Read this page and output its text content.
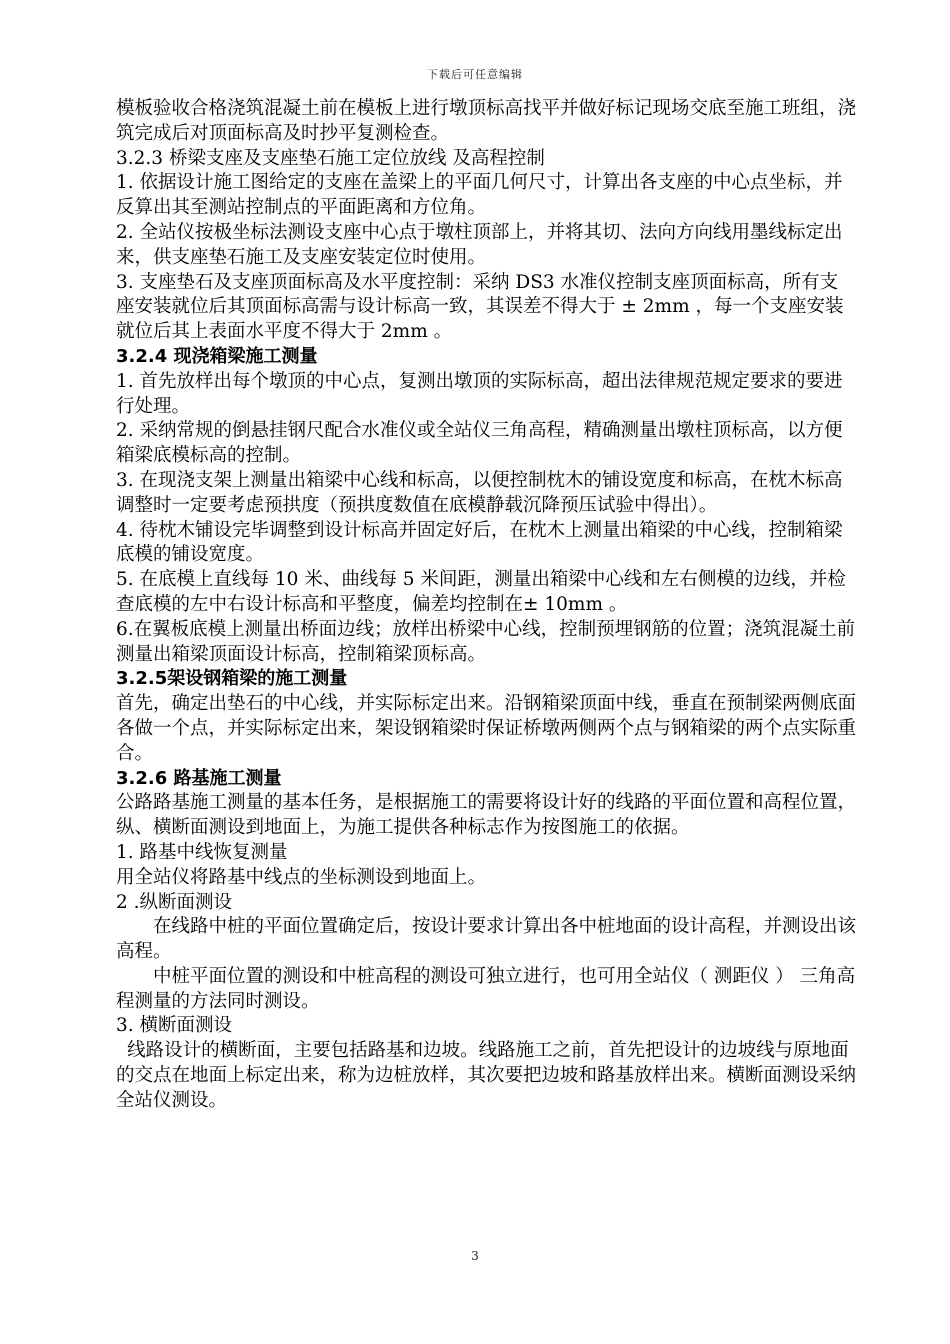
下载后可任意编辑

模板验收合格浇筑混凝土前在模板上进行墩顶标高找平并做好标记现场交底至施工班组，浇筑完成后对顶面标高及时抄平复测检查。

3.2.3 桥梁支座及支座垫石施工定位放线 及高程控制

1. 依据设计施工图给定的支座在盖梁上的平面几何尺寸，计算出各支座的中心点坐标，并反算出其至测站控制点的平面距离和方位角。

2. 全站仪按极坐标法测设支座中心点于墩柱顶部上，并将其切、法向方向线用墨线标定出来，供支座垫石施工及支座安装定位时使用。

3. 支座垫石及支座顶面标高及水平度控制：采纳 DS3 水准仪控制支座顶面标高，所有支座安装就位后其顶面标高需与设计标高一致，其误差不得大于 ± 2mm ，每一个支座安装就位后其上表面水平度不得大于 2mm 。

3.2.4 现浇箱梁施工测量

1. 首先放样出每个墩顶的中心点，复测出墩顶的实际标高，超出法律规范规定要求的要进行处理。

2. 采纳常规的倒悬挂钢尺配合水准仪或全站仪三角高程，精确测量出墩柱顶标高，以方便箱梁底模标高的控制。

3. 在现浇支架上测量出箱梁中心线和标高，以便控制枕木的铺设宽度和标高，在枕木标高调整时一定要考虑预拱度（预拱度数值在底模静载沉降预压试验中得出）。

4. 待枕木铺设完毕调整到设计标高并固定好后，在枕木上测量出箱梁的中心线，控制箱梁底模的铺设宽度。

5. 在底模上直线每 10 米、曲线每 5 米间距，测量出箱梁中心线和左右侧模的边线，并检查底模的左中右设计标高和平整度，偏差均控制在± 10mm 。

6.在翼板底模上测量出桥面边线；放样出桥梁中心线，控制预埋钢筋的位置；浇筑混凝土前测量出箱梁顶面设计标高，控制箱梁顶标高。

3.2.5架设钢箱梁的施工测量

首先，确定出垫石的中心线，并实际标定出来。沿钢箱梁顶面中线，垂直在预制梁两侧底面各做一个点，并实际标定出来，架设钢箱梁时保证桥墩两侧两个点与钢箱梁的两个点实际重合。

3.2.6 路基施工测量

公路路基施工测量的基本任务，是根据施工的需要将设计好的线路的平面位置和高程位置，纵、横断面测设到地面上，为施工提供各种标志作为按图施工的依据。

1. 路基中线恢复测量

用全站仪将路基中线点的坐标测设到地面上。

2 .纵断面测设

在线路中桩的平面位置确定后，按设计要求计算出各中桩地面的设计高程，并测设出该高程。

中桩平面位置的测设和中桩高程的测设可独立进行，也可用全站仪（ 测距仪 ） 三角高程测量的方法同时测设。

3. 横断面测设

线路设计的横断面，主要包括路基和边坡。线路施工之前，首先把设计的边坡线与原地面的交点在地面上标定出来，称为边桩放样，其次要把边坡和路基放样出来。横断面测设采纳全站仪测设。

3
